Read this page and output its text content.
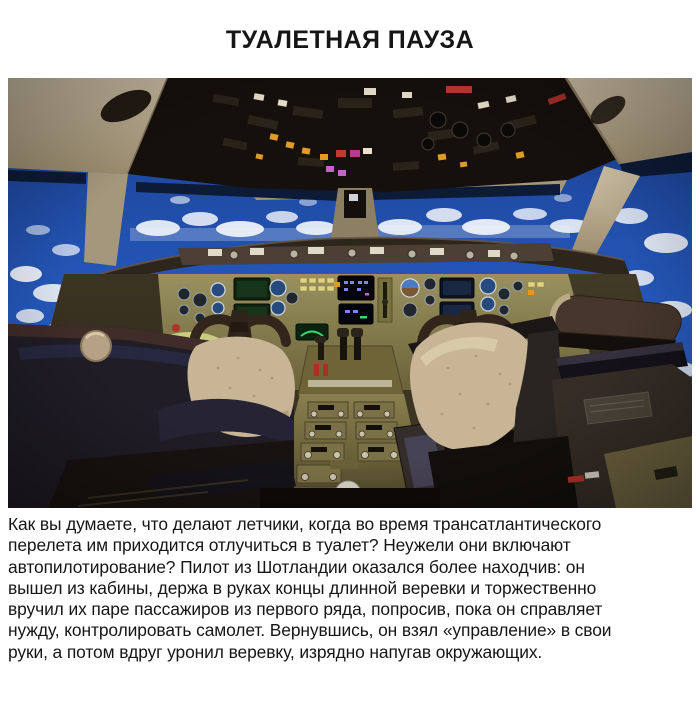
ТУАЛЕТНАЯ ПАУЗА
Как вы думаете, что делают летчики, когда во время трансатлантического
перелета им приходится отлучиться в туалет? Неужели они включают
автопилотирование? Пилот из Шотландии оказался более находчив: он
вышел из кабины, держа в руках концы длинной веревки и торжественно
вручил их паре пассажиров из первого ряда, попросив, пока он справляет
нужду, контролировать самолет. Вернувшись, он взял «управление» в свои
руки, а потом вдруг уронил веревку, изрядно напугав окружающих.
